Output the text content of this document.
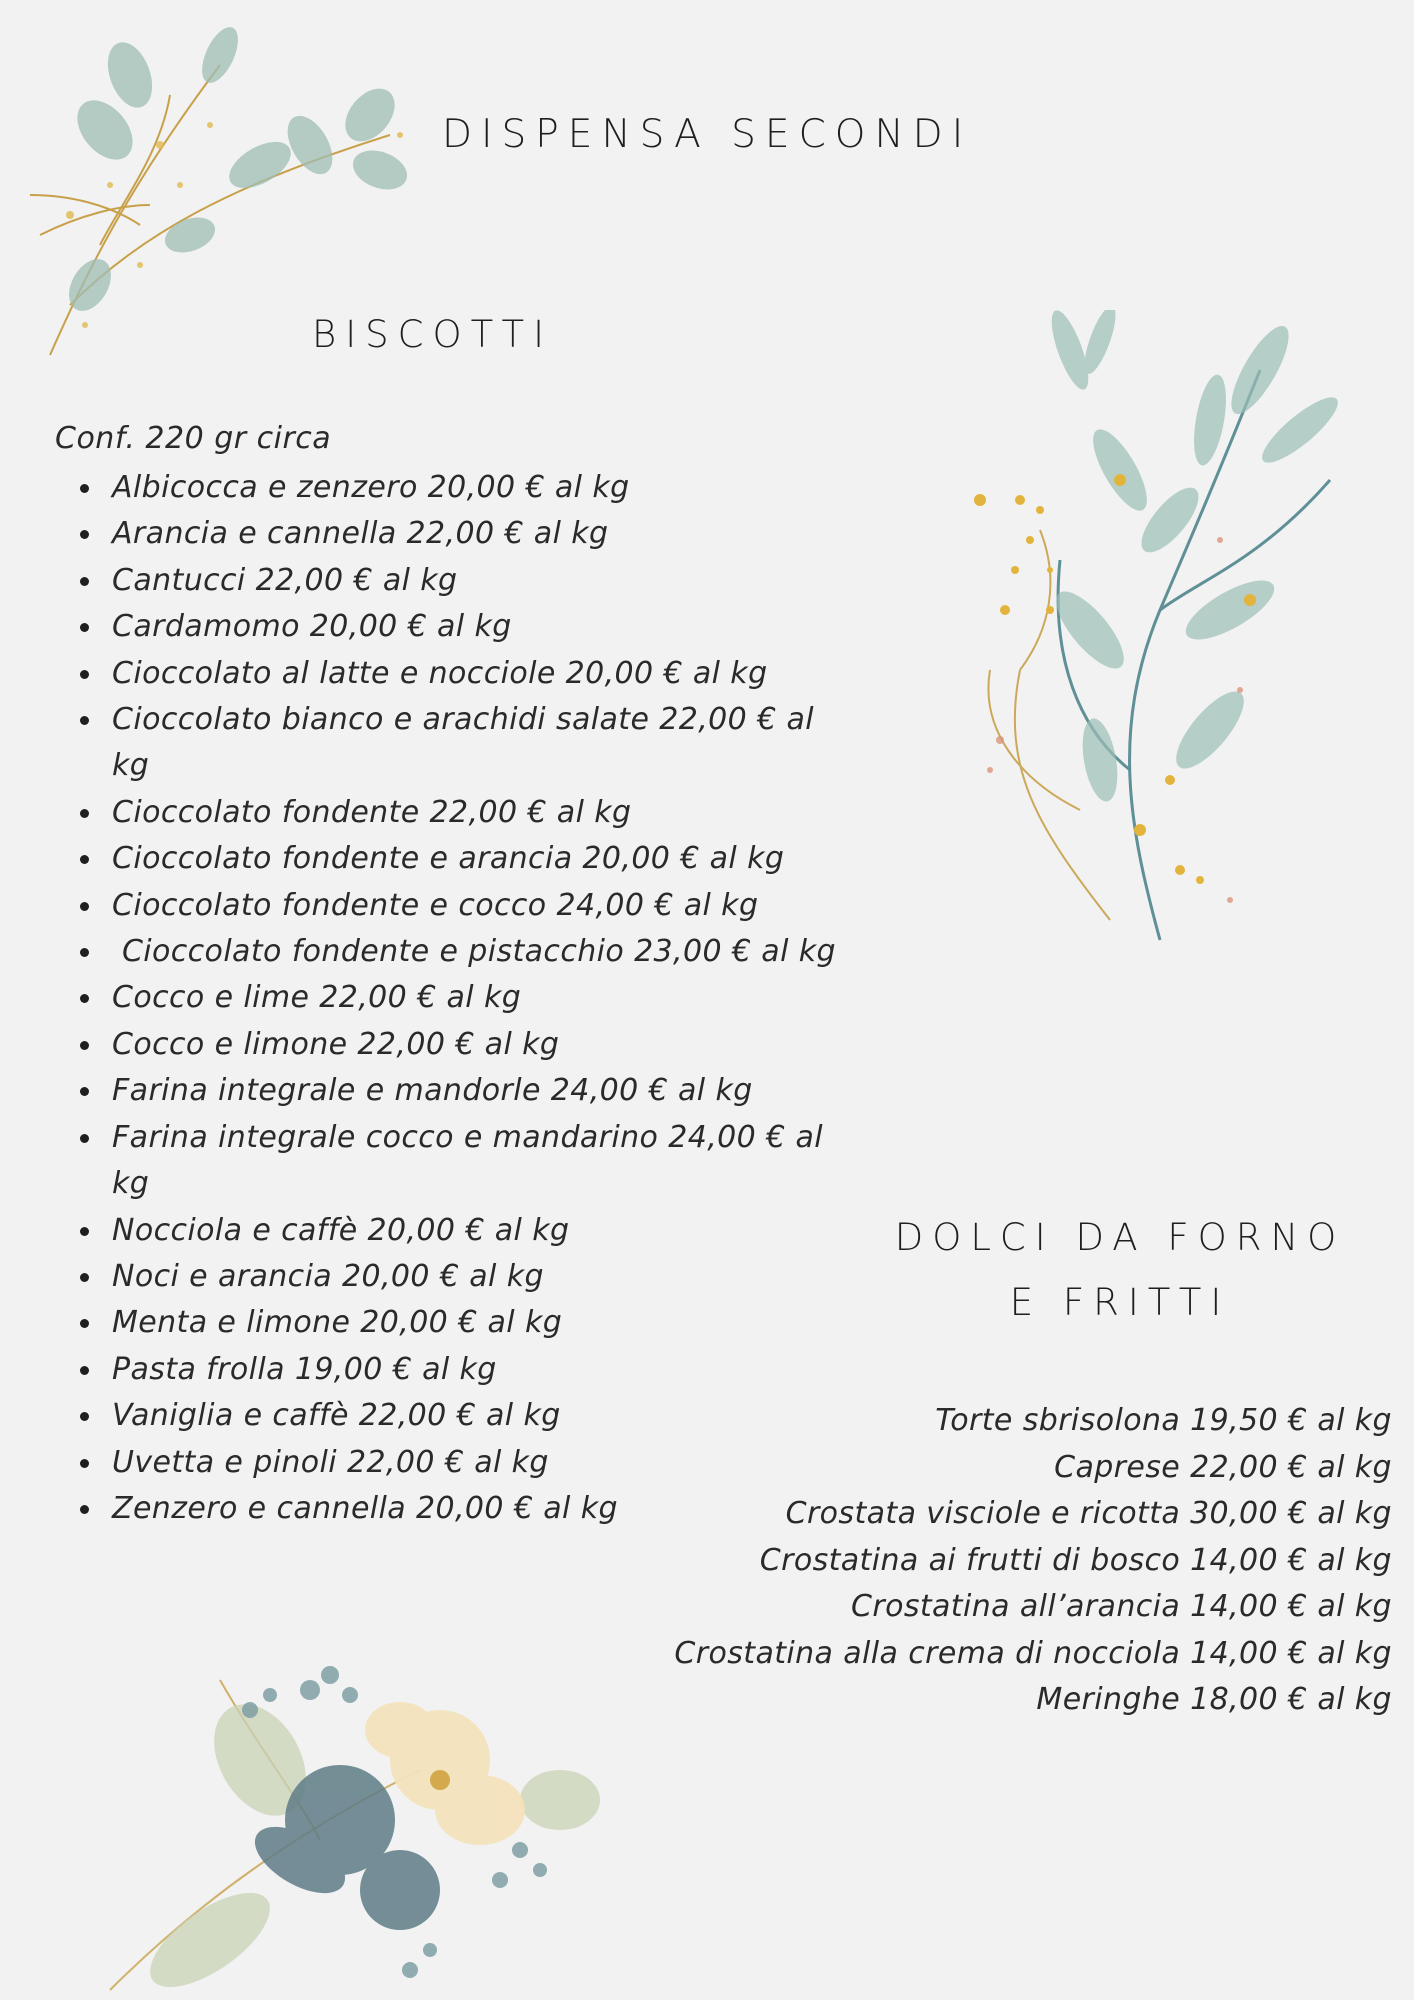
DISPENSA SECONDI
BISCOTTI
Conf. 220 gr circa
Albicocca e zenzero 20,00 € al kg
Arancia e cannella 22,00 € al kg
Cantucci 22,00 € al kg
Cardamomo 20,00 € al kg
Cioccolato al latte e nocciole 20,00 € al kg
Cioccolato bianco e arachidi salate 22,00 € al kg
Cioccolato fondente 22,00 € al kg
Cioccolato fondente e arancia 20,00 € al kg
Cioccolato fondente e cocco 24,00 € al kg
Cioccolato fondente e pistacchio 23,00 € al kg
Cocco e lime 22,00 € al kg
Cocco e limone 22,00 € al kg
Farina integrale e mandorle 24,00 € al kg
Farina integrale cocco e mandarino 24,00 € al kg
Nocciola e caffè 20,00 € al kg
Noci e arancia 20,00 € al kg
Menta e limone 20,00 € al kg
Pasta frolla 19,00 € al kg
Vaniglia e caffè 22,00 € al kg
Uvetta e pinoli 22,00 € al kg
Zenzero e cannella 20,00 € al kg
DOLCI DA FORNO
E FRITTI
Torte sbrisolona 19,50 € al kg
Caprese 22,00 € al kg
Crostata visciole e ricotta 30,00 € al kg
Crostatina ai frutti di bosco 14,00 € al kg
Crostatina all’arancia 14,00 € al kg
Crostatina alla crema di nocciola 14,00 € al kg
Meringhe 18,00 € al kg
